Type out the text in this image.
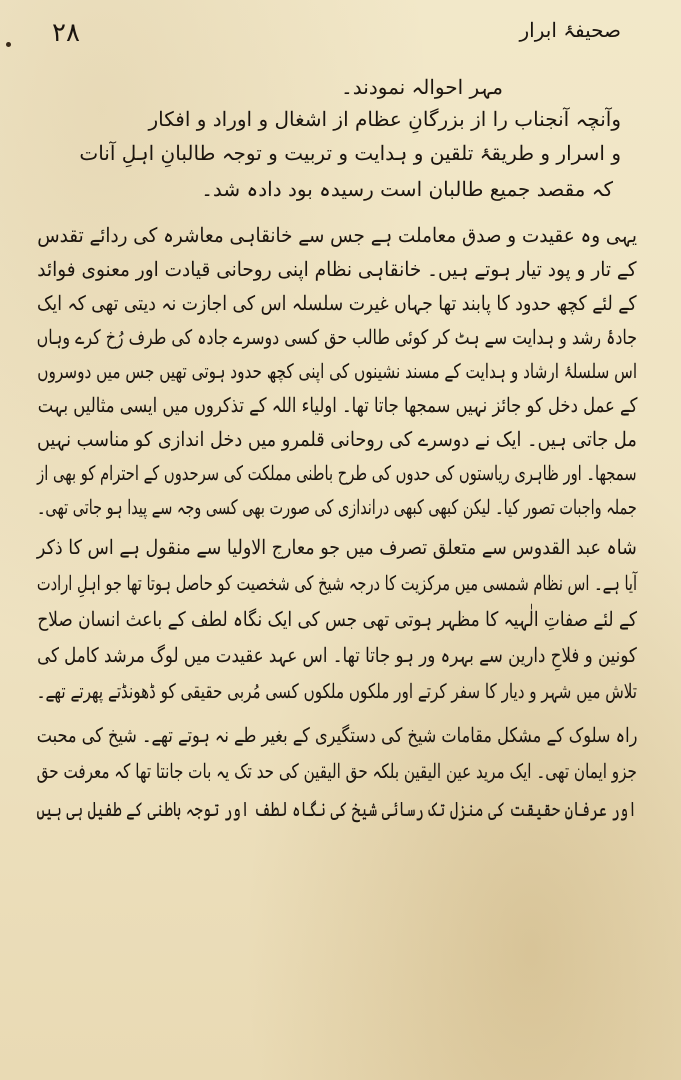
۲۸	صحیفۂ ابرار
مہر احوالہ نمودند۔
وآنچہ آنجناب را از بزرگانِ عظام از اشغال و اوراد و افکار
و اسرار و طریقۂ تلقین و ہدایت و تربیت و توجہ طالبانِ اہلِ آنات
کہ مقصد جمیع طالبان است رسیدہ بود دادہ شد۔
یہی وہ عقیدت و صدق معاملت ہے جس سے خانقاہی معاشرہ کی ردائے تقدس
کے تار و پود تیار ہوتے ہیں۔ خانقاہی نظام اپنی روحانی قیادت اور معنوی فوائد
کے لئے کچھ حدود کا پابند تھا جہاں غیرت سلسلہ اس کی اجازت نہ دیتی تھی کہ ایک
جادۂ رشد و ہدایت سے ہٹ کر کوئی طالب حق کسی دوسرے جادہ کی طرف رُخ کرے وہاں
اس سلسلۂ ارشاد و ہدایت کے مسند نشینوں کی اپنی کچھ حدود ہوتی تھیں جس میں دوسروں
کے عمل دخل کو جائز نہیں سمجھا جاتا تھا۔ اولیاء اللہ کے تذکروں میں ایسی مثالیں بہت
مل جاتی ہیں۔ ایک نے دوسرے کی روحانی قلمرو میں دخل اندازی کو مناسب نہیں
سمجھا۔ اور ظاہری ریاستوں کی حدوں کی طرح باطنی مملکت کی سرحدوں کے احترام کو بھی از
جملہ واجبات تصور کیا۔ لیکن کبھی کبھی دراندازی کی صورت بھی کسی وجہ سے پیدا ہو جاتی تھی۔
شاہ عبد القدوس سے متعلق تصرف میں جو معارج الاولیا سے منقول ہے اس کا ذکر
آیا ہے۔ اس نظام شمسی میں مرکزیت کا درجہ شیخ کی شخصیت کو حاصل ہوتا تھا جو اہلِ ارادت
کے لئے صفاتِ الٰہیہ کا مظہر ہوتی تھی جس کی ایک نگاہ لطف کے باعث انسان صلاح
کونین و فلاحِ دارین سے بہرہ ور ہو جاتا تھا۔ اس عہد عقیدت میں لوگ مرشد کامل کی
تلاش میں شہر و دیار کا سفر کرتے اور ملکوں ملکوں کسی مُربی حقیقی کو ڈھونڈتے پھرتے تھے۔
راہ سلوک کے مشکل مقامات شیخ کی دستگیری کے بغیر طے نہ ہوتے تھے۔ شیخ کی محبت
جزو ایمان تھی۔ ایک مرید عین الیقین بلکہ حق الیقین کی حد تک یہ بات جانتا تھا کہ معرفت حق
اور عرفانِ حقیقت کی منزل تک رسائی شیخ کی نگاہ لطف اور توجہ باطنی کے طفیل ہی ہیں
